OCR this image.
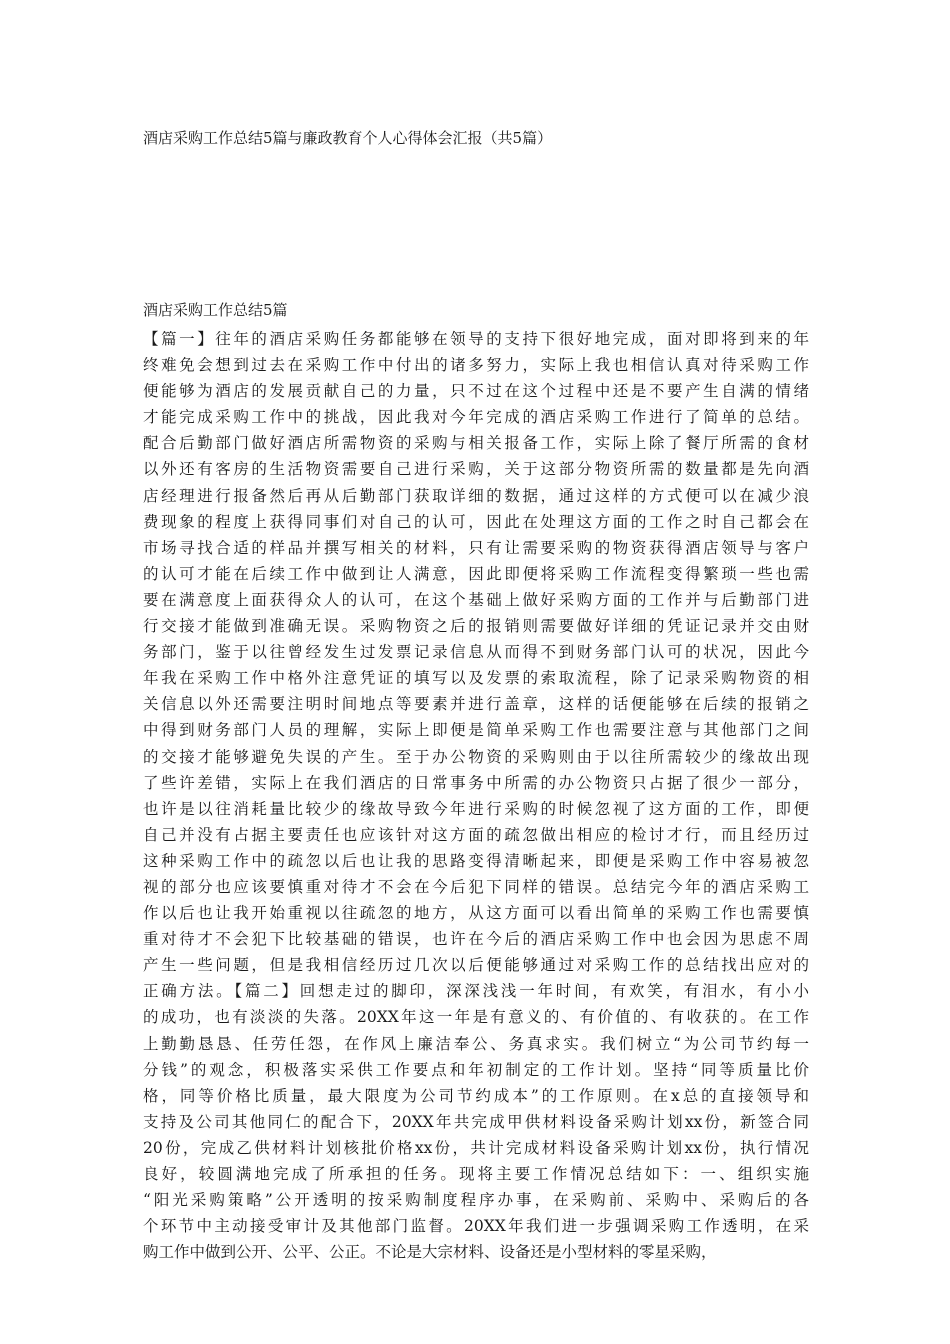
酒店采购工作总结5篇与廉政教育个人心得体会汇报（共5篇）
酒店采购工作总结5篇
【篇一】往年的酒店采购任务都能够在领导的支持下很好地完成，面对即将到来的年
终难免会想到过去在采购工作中付出的诸多努力，实际上我也相信认真对待采购工作
便能够为酒店的发展贡献自己的力量，只不过在这个过程中还是不要产生自满的情绪
才能完成采购工作中的挑战，因此我对今年完成的酒店采购工作进行了简单的总结。
配合后勤部门做好酒店所需物资的采购与相关报备工作，实际上除了餐厅所需的食材
以外还有客房的生活物资需要自己进行采购，关于这部分物资所需的数量都是先向酒
店经理进行报备然后再从后勤部门获取详细的数据，通过这样的方式便可以在减少浪
费现象的程度上获得同事们对自己的认可，因此在处理这方面的工作之时自己都会在
市场寻找合适的样品并撰写相关的材料，只有让需要采购的物资获得酒店领导与客户
的认可才能在后续工作中做到让人满意，因此即便将采购工作流程变得繁琐一些也需
要在满意度上面获得众人的认可，在这个基础上做好采购方面的工作并与后勤部门进
行交接才能做到准确无误。采购物资之后的报销则需要做好详细的凭证记录并交由财
务部门，鉴于以往曾经发生过发票记录信息从而得不到财务部门认可的状况，因此今
年我在采购工作中格外注意凭证的填写以及发票的索取流程，除了记录采购物资的相
关信息以外还需要注明时间地点等要素并进行盖章，这样的话便能够在后续的报销之
中得到财务部门人员的理解，实际上即便是简单采购工作也需要注意与其他部门之间
的交接才能够避免失误的产生。至于办公物资的采购则由于以往所需较少的缘故出现
了些许差错，实际上在我们酒店的日常事务中所需的办公物资只占据了很少一部分，
也许是以往消耗量比较少的缘故导致今年进行采购的时候忽视了这方面的工作，即便
自己并没有占据主要责任也应该针对这方面的疏忽做出相应的检讨才行，而且经历过
这种采购工作中的疏忽以后也让我的思路变得清晰起来，即便是采购工作中容易被忽
视的部分也应该要慎重对待才不会在今后犯下同样的错误。总结完今年的酒店采购工
作以后也让我开始重视以往疏忽的地方，从这方面可以看出简单的采购工作也需要慎
重对待才不会犯下比较基础的错误，也许在今后的酒店采购工作中也会因为思虑不周
产生一些问题，但是我相信经历过几次以后便能够通过对采购工作的总结找出应对的
正确方法。【篇二】回想走过的脚印，深深浅浅一年时间，有欢笑，有泪水，有小小
的成功，也有淡淡的失落。20XX年这一年是有意义的、有价值的、有收获的。在工作
上勤勤恳恳、任劳任怨，在作风上廉洁奉公、务真求实。我们树立“为公司节约每一
分钱”的观念，积极落实采供工作要点和年初制定的工作计划。坚持“同等质量比价
格，同等价格比质量，最大限度为公司节约成本”的工作原则。在x总的直接领导和
支持及公司其他同仁的配合下，20XX年共完成甲供材料设备采购计划xx份，新签合同
20份，完成乙供材料计划核批价格xx份，共计完成材料设备采购计划xx份，执行情况
良好，较圆满地完成了所承担的任务。现将主要工作情况总结如下：一、组织实施
“阳光采购策略”公开透明的按采购制度程序办事，在采购前、采购中、采购后的各
个环节中主动接受审计及其他部门监督。20XX年我们进一步强调采购工作透明，在采
购工作中做到公开、公平、公正。不论是大宗材料、设备还是小型材料的零星采购，
